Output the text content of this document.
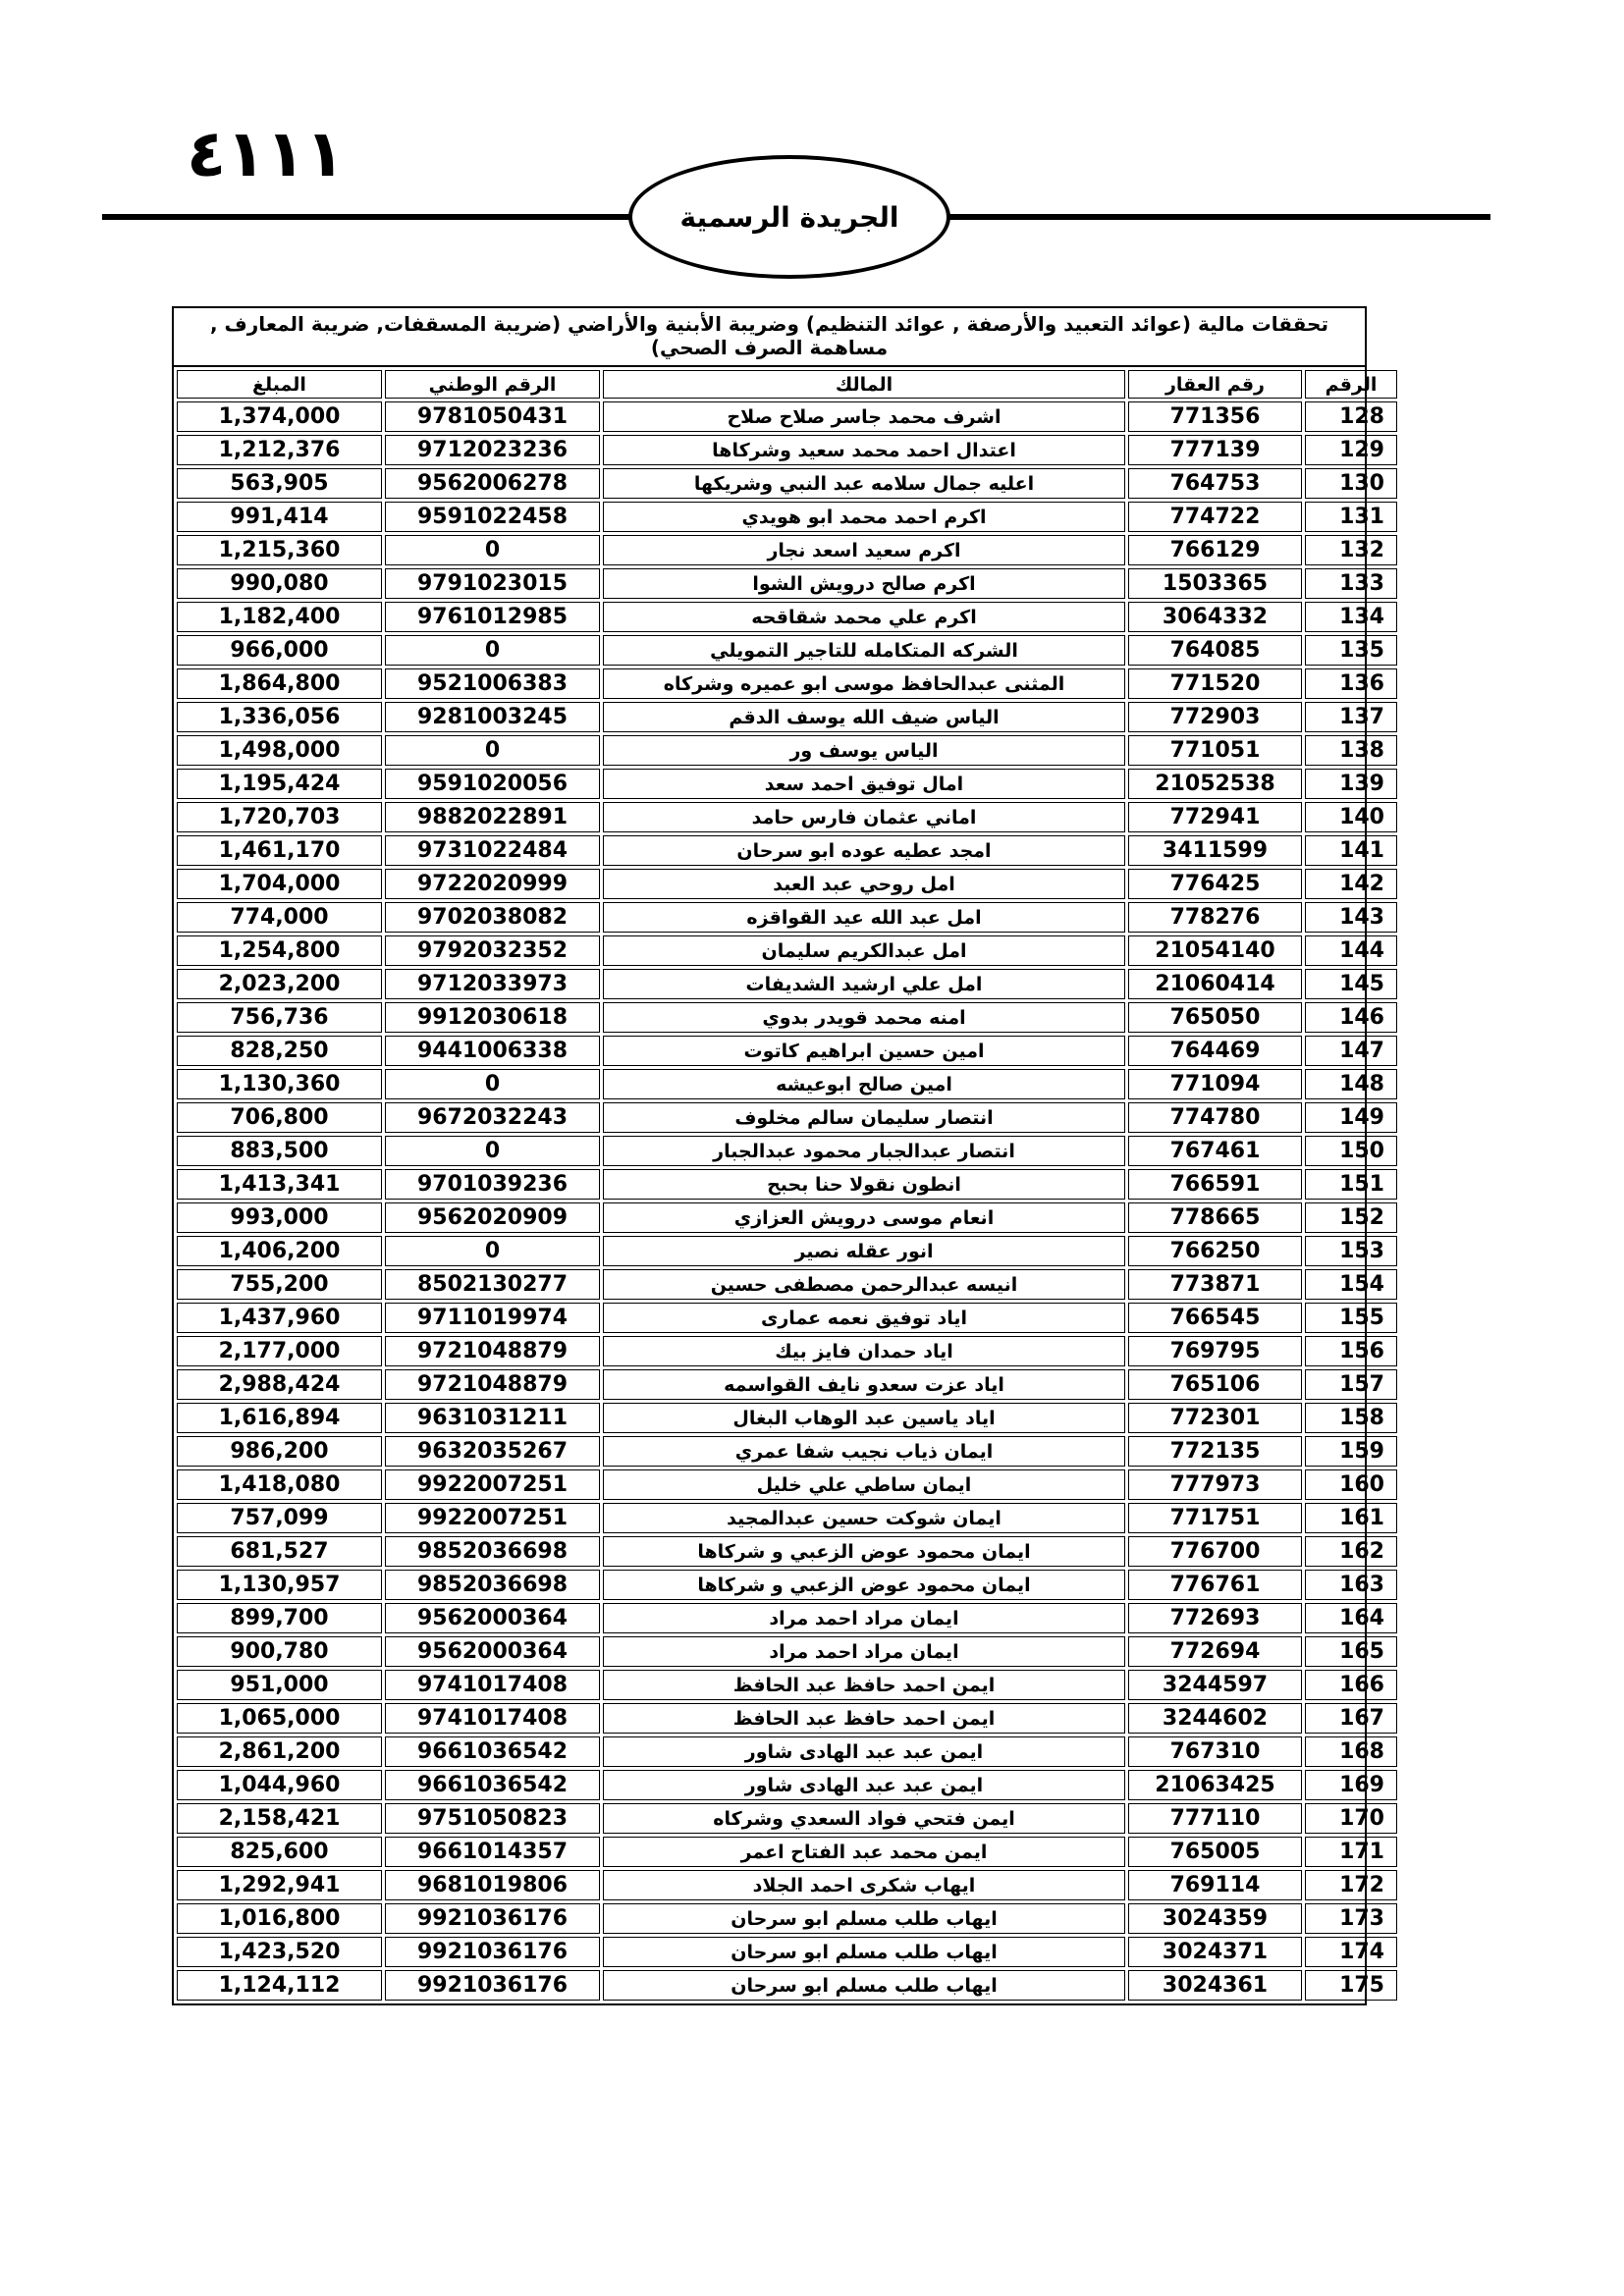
٤١١١
الجريدة الرسمية
تحققات مالية (عوائد التعبيد والأرصفة , عوائد التنظيم) وضريبة الأبنية والأراضي (ضريبة المسقفات, ضريبة المعارف , مساهمة الصرف الصحي)
الرقم	رقم العقار	المالك	الرقم الوطني	المبلغ
128	771356	اشرف محمد جاسر صلاح صلاح	9781050431	1,374,000
129	777139	اعتدال احمد محمد سعيد وشركاها	9712023236	1,212,376
130	764753	اعليه جمال سلامه عبد النبي وشريكها	9562006278	563,905
131	774722	اكرم احمد محمد ابو هويدي	9591022458	991,414
132	766129	اكرم سعيد اسعد نجار	0	1,215,360
133	1503365	اكرم صالح درويش الشوا	9791023015	990,080
134	3064332	اكرم علي محمد شقاقحه	9761012985	1,182,400
135	764085	الشركه المتكامله للتاجير التمويلي	0	966,000
136	771520	المثنى عبدالحافظ موسى ابو عميره وشركاه	9521006383	1,864,800
137	772903	الياس ضيف الله يوسف الدقم	9281003245	1,336,056
138	771051	الياس يوسف ور	0	1,498,000
139	21052538	امال توفيق احمد سعد	9591020056	1,195,424
140	772941	اماني عثمان فارس حامد	9882022891	1,720,703
141	3411599	امجد عطيه عوده ابو سرحان	9731022484	1,461,170
142	776425	امل روحي عبد العبد	9722020999	1,704,000
143	778276	امل عبد الله عيد القواقزه	9702038082	774,000
144	21054140	امل عبدالكريم سليمان	9792032352	1,254,800
145	21060414	امل علي ارشيد الشديفات	9712033973	2,023,200
146	765050	امنه محمد قويدر بدوي	9912030618	756,736
147	764469	امين حسين ابراهيم كاتوت	9441006338	828,250
148	771094	امين صالح ابوعيشه	0	1,130,360
149	774780	انتصار سليمان سالم مخلوف	9672032243	706,800
150	767461	انتصار عبدالجبار محمود عبدالجبار	0	883,500
151	766591	انطون نقولا حنا بحبح	9701039236	1,413,341
152	778665	انعام موسى درويش العزازي	9562020909	993,000
153	766250	انور عقله نصير	0	1,406,200
154	773871	انيسه عبدالرحمن مصطفى حسين	8502130277	755,200
155	766545	اياد توفيق نعمه عمارى	9711019974	1,437,960
156	769795	اياد حمدان فايز بيك	9721048879	2,177,000
157	765106	اياد عزت سعدو نايف القواسمه	9721048879	2,988,424
158	772301	اياد ياسين عبد الوهاب البغال	9631031211	1,616,894
159	772135	ايمان ذياب نجيب شفا عمري	9632035267	986,200
160	777973	ايمان ساطي علي خليل	9922007251	1,418,080
161	771751	ايمان شوكت حسين عبدالمجيد	9922007251	757,099
162	776700	ايمان محمود عوض الزعبي و شركاها	9852036698	681,527
163	776761	ايمان محمود عوض الزعبي و شركاها	9852036698	1,130,957
164	772693	ايمان مراد احمد مراد	9562000364	899,700
165	772694	ايمان مراد احمد مراد	9562000364	900,780
166	3244597	ايمن احمد حافظ عبد الحافظ	9741017408	951,000
167	3244602	ايمن احمد حافظ عبد الحافظ	9741017408	1,065,000
168	767310	ايمن عبد عبد الهادى شاور	9661036542	2,861,200
169	21063425	ايمن عبد عبد الهادى شاور	9661036542	1,044,960
170	777110	ايمن فتحي فواد السعدي وشركاه	9751050823	2,158,421
171	765005	ايمن محمد عبد الفتاح اعمر	9661014357	825,600
172	769114	ايهاب شكرى احمد الجلاد	9681019806	1,292,941
173	3024359	ايهاب طلب مسلم ابو سرحان	9921036176	1,016,800
174	3024371	ايهاب طلب مسلم ابو سرحان	9921036176	1,423,520
175	3024361	ايهاب طلب مسلم ابو سرحان	9921036176	1,124,112
